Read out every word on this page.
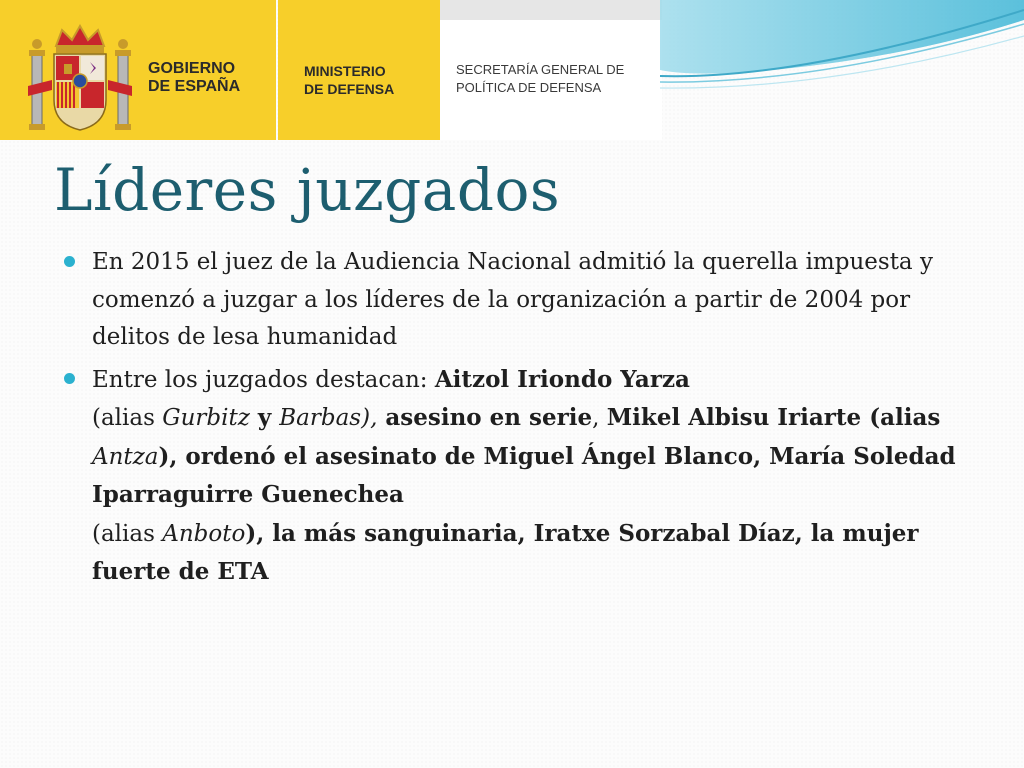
GOBIERNO
DE ESPAÑA

MINISTERIO
DE DEFENSA

SECRETARÍA GENERAL DE
POLÍTICA DE DEFENSA

Líderes juzgados
En 2015 el juez de la Audiencia Nacional admitió la querella impuesta y comenzó a juzgar a los líderes de la organización a partir de 2004 por delitos de lesa humanidad
Entre los juzgados destacan: Aitzol Iriondo Yarza
(alias Gurbitz y Barbas), asesino en serie, Mikel Albisu Iriarte (alias Antza), ordenó el asesinato de Miguel Ángel Blanco, María Soledad Iparraguirre Guenechea
(alias Anboto), la más sanguinaria, Iratxe Sorzabal Díaz, la mujer fuerte de ETA
